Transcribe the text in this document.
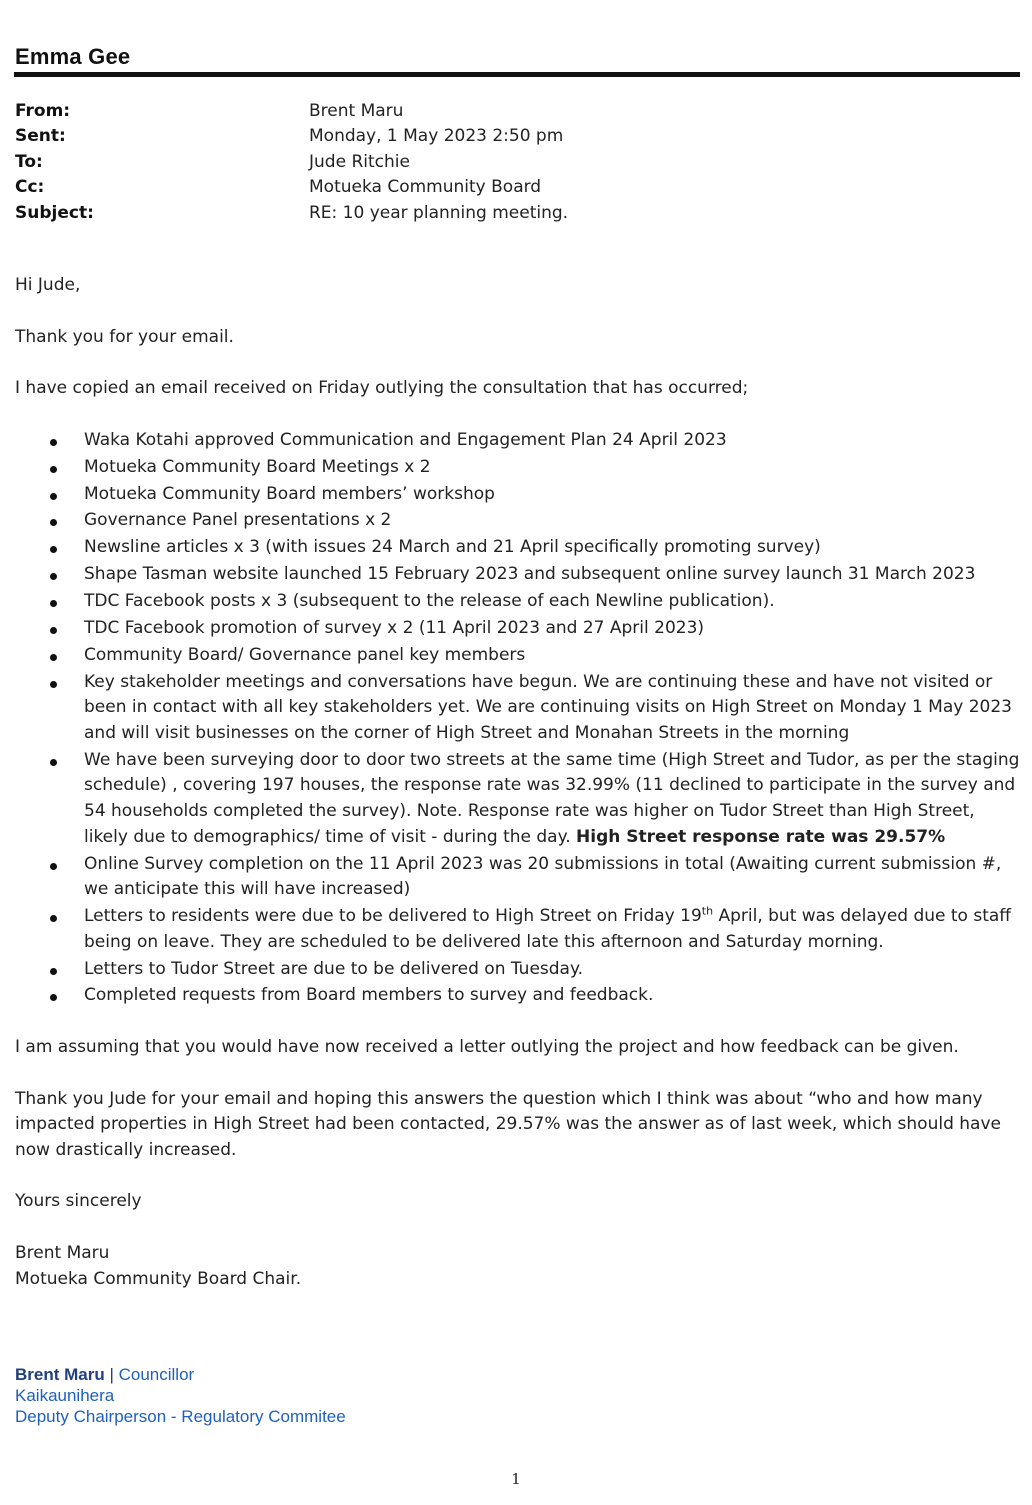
Emma Gee
From:	Brent Maru
Sent:	Monday, 1 May 2023 2:50 pm
To:	Jude Ritchie
Cc:	Motueka Community Board
Subject:	RE: 10 year planning meeting.

Hi Jude,

Thank you for your email.

I have copied an email received on Friday outlying the consultation that has occurred;

Waka Kotahi approved Communication and Engagement Plan 24 April 2023
Motueka Community Board Meetings x 2
Motueka Community Board members’ workshop
Governance Panel presentations x 2
Newsline articles x 3 (with issues 24 March and 21 April specifically promoting survey)
Shape Tasman website launched 15 February 2023 and subsequent online survey launch 31 March 2023
TDC Facebook posts x 3 (subsequent to the release of each Newline publication).
TDC Facebook promotion of survey x 2 (11 April 2023 and 27 April 2023)
Community Board/ Governance panel key members
Key stakeholder meetings and conversations have begun. We are continuing these and have not visited or been in contact with all key stakeholders yet. We are continuing visits on High Street on Monday 1 May 2023 and will visit businesses on the corner of High Street and Monahan Streets in the morning
We have been surveying door to door two streets at the same time (High Street and Tudor, as per the staging schedule) , covering 197 houses, the response rate was 32.99% (11 declined to participate in the survey and 54 households completed the survey). Note. Response rate was higher on Tudor Street than High Street, likely due to demographics/ time of visit - during the day. High Street response rate was 29.57%
Online Survey completion on the 11 April 2023 was 20 submissions in total (Awaiting current submission #, we anticipate this will have increased)
Letters to residents were due to be delivered to High Street on Friday 19th April, but was delayed due to staff being on leave. They are scheduled to be delivered late this afternoon and Saturday morning.
Letters to Tudor Street are due to be delivered on Tuesday.
Completed requests from Board members to survey and feedback.

I am assuming that you would have now received a letter outlying the project and how feedback can be given.

Thank you Jude for your email and hoping this answers the question which I think was about “who and how many impacted properties in High Street had been contacted, 29.57% was the answer as of last week, which should have now drastically increased.

Yours sincerely

Brent Maru
Motueka Community Board Chair.

Brent Maru | Councillor
Kaikaunihera
Deputy Chairperson - Regulatory Commitee
1
